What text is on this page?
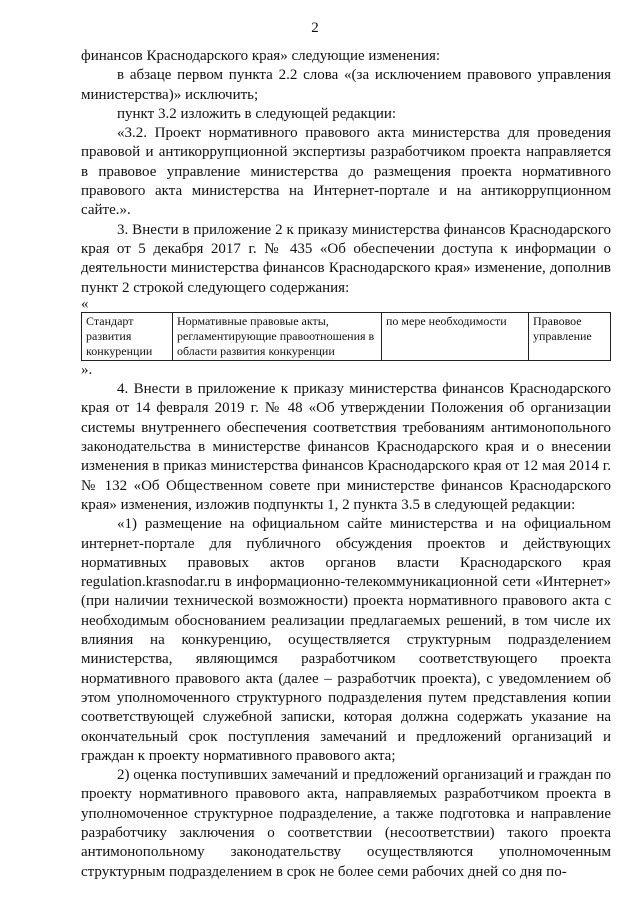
2

финансов Краснодарского края» следующие изменения:

в абзаце первом пункта 2.2 слова «(за исключением правового управления министерства)» исключить;

пункт 3.2 изложить в следующей редакции:

«3.2. Проект нормативного правового акта министерства для проведения правовой и антикоррупционной экспертизы разработчиком проекта направляется в правовое управление министерства до размещения проекта нормативного правового акта министерства на Интернет-портале и на антикоррупционном сайте.».

3. Внести в приложение 2 к приказу министерства финансов Краснодарского края от 5 декабря 2017 г. № 435 «Об обеспечении доступа к информации о деятельности министерства финансов Краснодарского края» изменение, дополнив пункт 2 строкой следующего содержания:

«

Стандарт развития конкуренции	Нормативные правовые акты, регламентирующие правоотношения в области развития конкуренции	по мере необходимости	Правовое управление

».

4. Внести в приложение к приказу министерства финансов Краснодарского края от 14 февраля 2019 г. № 48 «Об утверждении Положения об организации системы внутреннего обеспечения соответствия требованиям антимонопольного законодательства в министерстве финансов Краснодарского края и о внесении изменения в приказ министерства финансов Краснодарского края от 12 мая 2014 г. № 132 «Об Общественном совете при министерстве финансов Краснодарского края» изменения, изложив подпункты 1, 2 пункта 3.5 в следующей редакции:

«1) размещение на официальном сайте министерства и на официальном интернет-портале для публичного обсуждения проектов и действующих нормативных правовых актов органов власти Краснодарского края regulation.krasnodar.ru в информационно-телекоммуникационной сети «Интернет» (при наличии технической возможности) проекта нормативного правового акта с необходимым обоснованием реализации предлагаемых решений, в том числе их влияния на конкуренцию, осуществляется структурным подразделением министерства, являющимся разработчиком соответствующего проекта нормативного правового акта (далее – разработчик проекта), с уведомлением об этом уполномоченного структурного подразделения путем представления копии соответствующей служебной записки, которая должна содержать указание на окончательный срок поступления замечаний и предложений организаций и граждан к проекту нормативного правового акта;

2) оценка поступивших замечаний и предложений организаций и граждан по проекту нормативного правового акта, направляемых разработчиком проекта в уполномоченное структурное подразделение, а также подготовка и направление разработчику заключения о соответствии (несоответствии) такого проекта антимонопольному законодательству осуществляются уполномоченным структурным подразделением в срок не более семи рабочих дней со дня по-
